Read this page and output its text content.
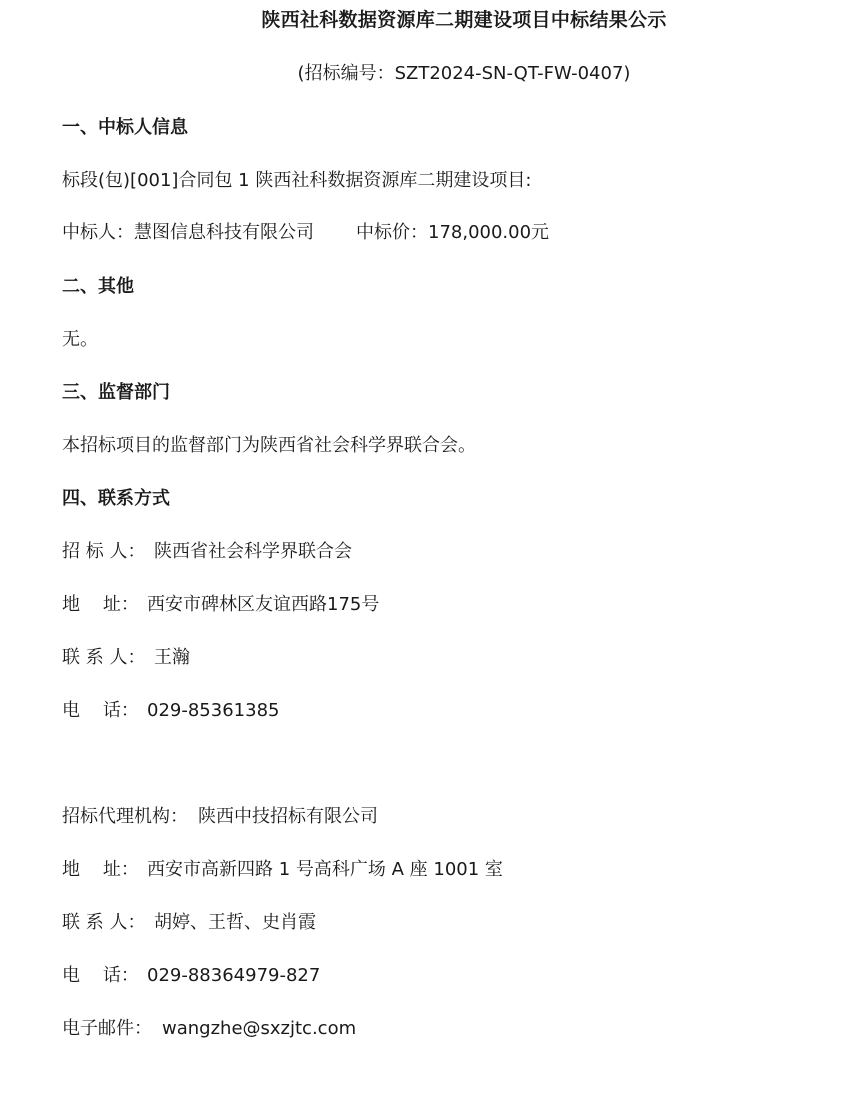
陕西社科数据资源库二期建设项目中标结果公示
(招标编号：SZT2024-SN-QT-FW-0407)
一、中标人信息
标段(包)[001]合同包 1 陕西社科数据资源库二期建设项目:
中标人：慧图信息科技有限公司 中标价：178,000.00元
二、其他
无。
三、监督部门
本招标项目的监督部门为陕西省社会科学界联合会。
四、联系方式
招 标 人： 陕西省社会科学界联合会
地    址： 西安市碑林区友谊西路175号
联 系 人： 王瀚
电    话： 029-85361385
招标代理机构： 陕西中技招标有限公司
地    址： 西安市高新四路 1 号高科广场 A 座 1001 室
联 系 人： 胡婷、王哲、史肖霞
电    话： 029-88364979-827
电子邮件： wangzhe@sxzjtc.com
